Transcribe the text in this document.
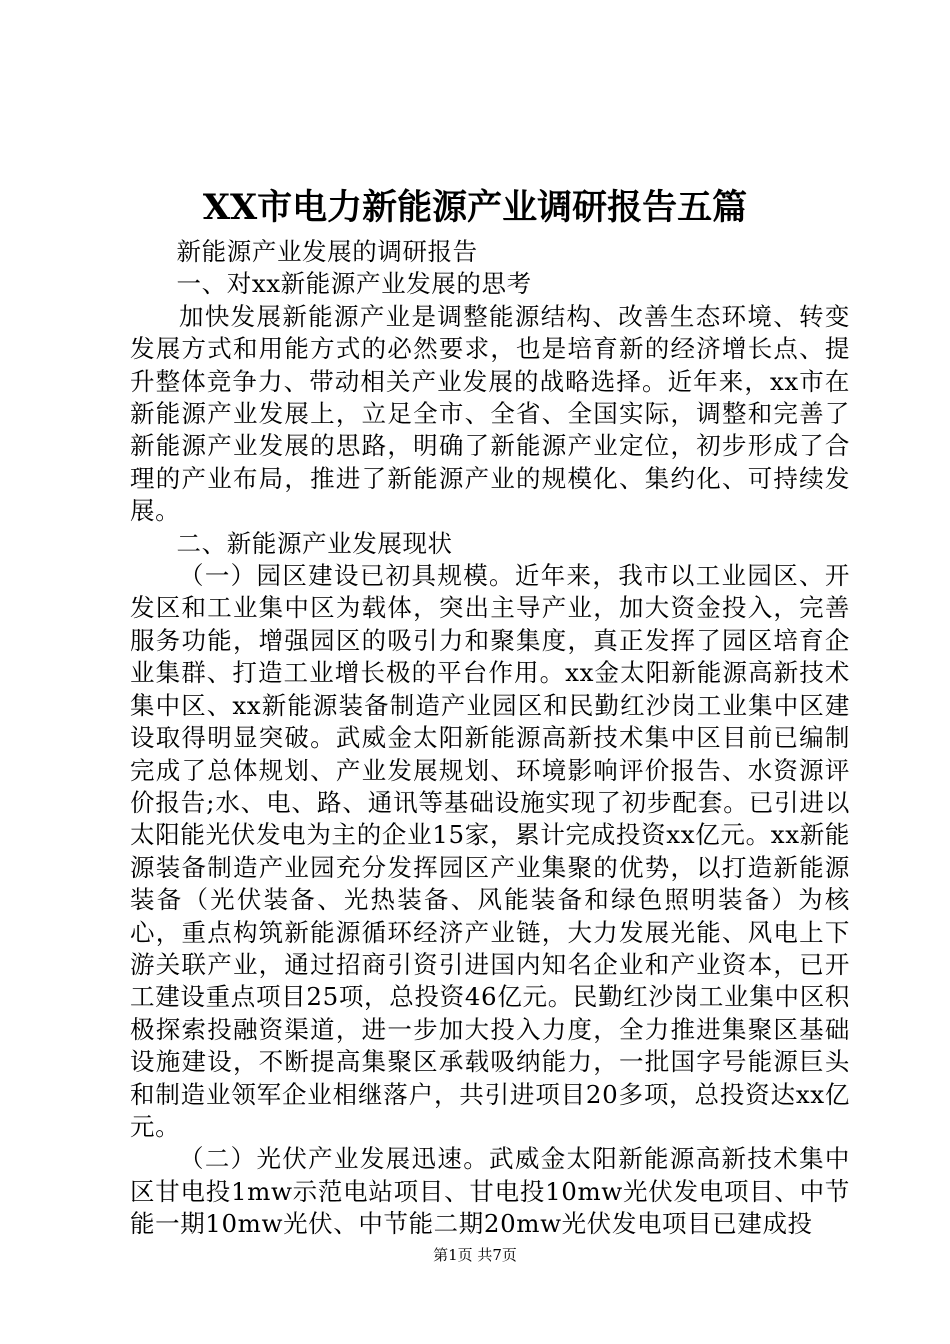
XX市电力新能源产业调研报告五篇

新能源产业发展的调研报告

一、对xx新能源产业发展的思考

加快发展新能源产业是调整能源结构、改善生态环境、转变发展方式和用能方式的必然要求，也是培育新的经济增长点、提升整体竞争力、带动相关产业发展的战略选择。近年来，xx市在新能源产业发展上，立足全市、全省、全国实际，调整和完善了新能源产业发展的思路，明确了新能源产业定位，初步形成了合理的产业布局，推进了新能源产业的规模化、集约化、可持续发展。

二、新能源产业发展现状

（一）园区建设已初具规模。近年来，我市以工业园区、开发区和工业集中区为载体，突出主导产业，加大资金投入，完善服务功能，增强园区的吸引力和聚集度，真正发挥了园区培育企业集群、打造工业增长极的平台作用。xx金太阳新能源高新技术集中区、xx新能源装备制造产业园区和民勤红沙岗工业集中区建设取得明显突破。武威金太阳新能源高新技术集中区目前已编制完成了总体规划、产业发展规划、环境影响评价报告、水资源评价报告;水、电、路、通讯等基础设施实现了初步配套。已引进以太阳能光伏发电为主的企业15家，累计完成投资xx亿元。xx新能源装备制造产业园充分发挥园区产业集聚的优势，以打造新能源装备（光伏装备、光热装备、风能装备和绿色照明装备）为核心，重点构筑新能源循环经济产业链，大力发展光能、风电上下游关联产业，通过招商引资引进国内知名企业和产业资本，已开工建设重点项目25项，总投资46亿元。民勤红沙岗工业集中区积极探索投融资渠道，进一步加大投入力度，全力推进集聚区基础设施建设，不断提高集聚区承载吸纳能力，一批国字号能源巨头和制造业领军企业相继落户，共引进项目20多项，总投资达xx亿元。

（二）光伏产业发展迅速。武威金太阳新能源高新技术集中区甘电投1mw示范电站项目、甘电投10mw光伏发电项目、中节能一期10mw光伏、中节能二期20mw光伏发电项目已建成投

第1页 共7页
